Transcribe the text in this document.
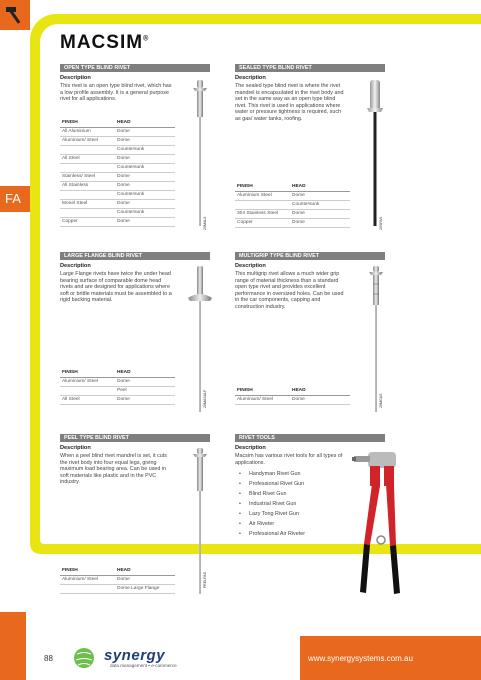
FA
MACSIM®
OPEN TYPE BLIND RIVET
Description
This rivet is an open type blind rivet, which has a low profile assembly. It is a general purpose rivet for all applications.
FINISH	HEAD
All Aluminium	Dome
Aluminium/ Steel	Dome
	Countersunk
All Steel	Dome
	Countersunk
Stainless/ Steel	Dome
All Stainless	Dome
	Countersunk
Monel Steel	Dome
	Countersunk
Copper	Dome	20MAL6
SEALED TYPE BLIND RIVET
Description
The sealed type blind rivet is where the rivet mandrel is encapsulated in the rivet body and set in the same way as an open type blind rivet. This rivet is used in applications where water or pressure tightness is required, such as gas/ water tanks, roofing.
FINISH	HEAD
Aluminium Steel	Dome
	Countersunk
304 Stainless Steel	Dome
Copper	Dome	20SPAS
LARGE FLANGE BLIND RIVET
Description
Large Flange rivets have twice the under head bearing surface of comparable dome head rivets and are designed for applications where soft or brittle materials must be assembled to a rigid backing material.
FINISH	HEAD
Aluminium/ Steel	Dome
	Peel
All Steel	Dome	20MASALF
MULTIGRIP TYPE BLIND RIVET
Description
This multigrip rivet allows a much wider grip range of material thickness than a standard open type rivet and provides excellent performance in oversized holes. Can be used in the car components, capping and construction industry.
FINISH	HEAD
Aluminium/ Steel	Dome	20MGAS
PEEL TYPE BLIND RIVET
Description
When a peel blind rivet mandrel is set, it cuts the rivet body into four equal legs, giving maximum load bearing area. Can be used in soft materials like plastic and in the PVC industry.
FINISH	HEAD
Aluminium/ Steel	Dome
	Dome Large Flange
PEELPAS
RIVET TOOLS
Description
Macsim has various rivet tools for all types of applications.
• Handyman Rivet Gun
• Professional Rivet Gun
• Blind Rivet Gun
• Industrial Rivet Gun
• Lazy Tong Rivet Gun
• Air Riveter
• Professional Air Riveter
88	synergy
data management • e-commerce
www.synergysystems.com.au
